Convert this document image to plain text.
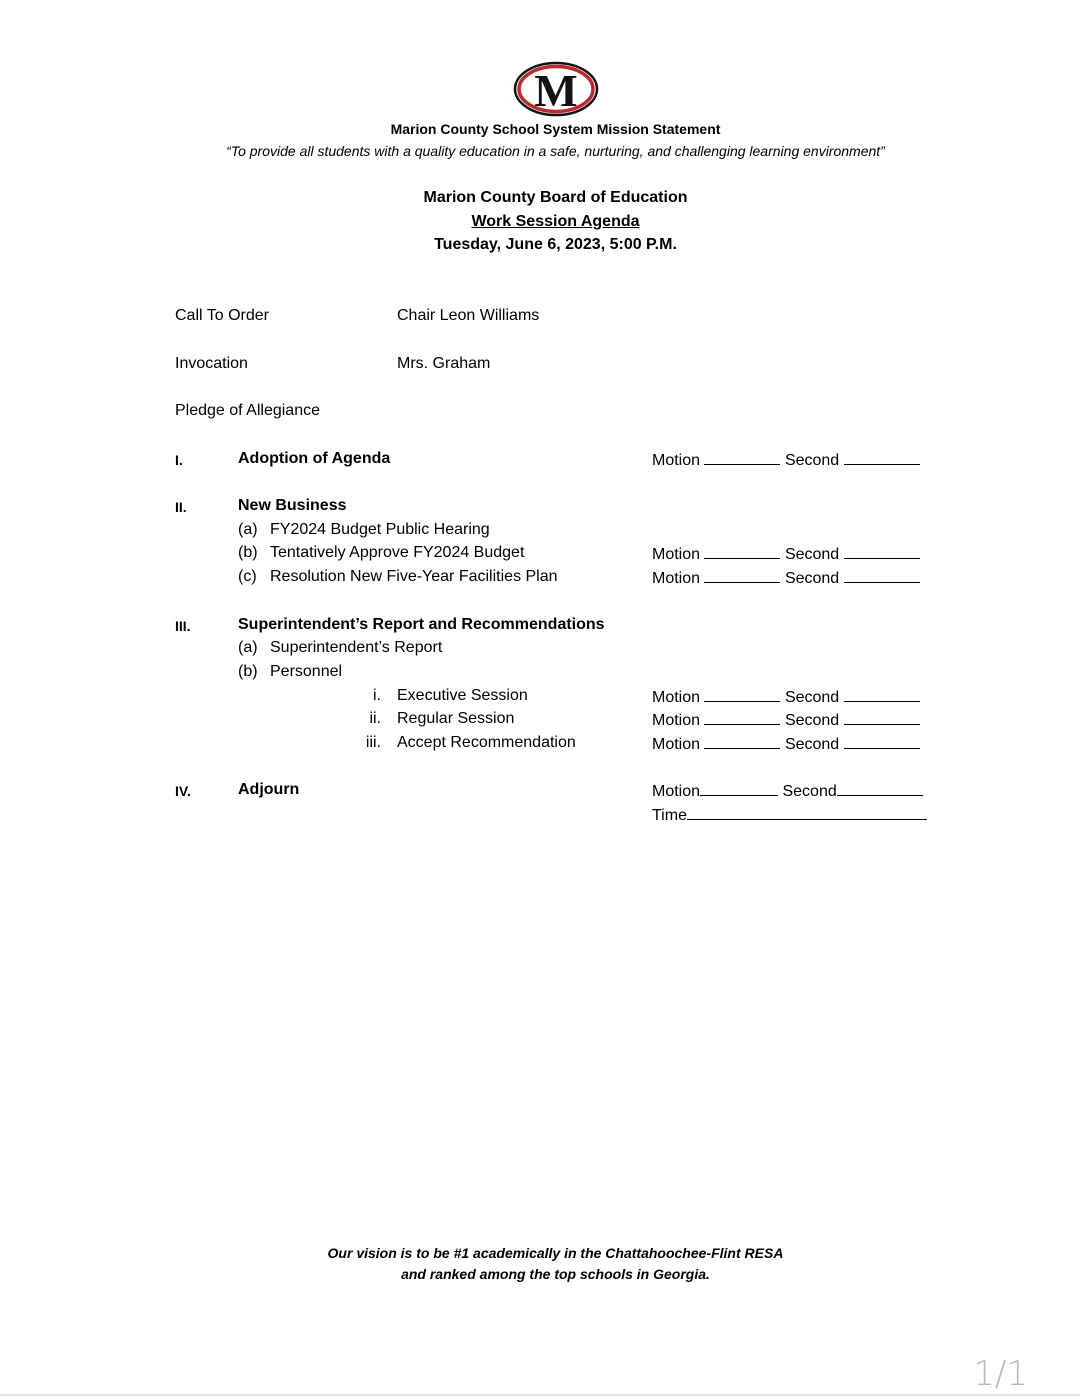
M
Marion County School System Mission Statement
“To provide all students with a quality education in a safe, nurturing, and challenging learning environment”
Marion County Board of Education
Work Session Agenda
Tuesday, June 6, 2023, 5:00 P.M.
Call To Order	Chair Leon Williams
Invocation	Mrs. Graham
Pledge of Allegiance
I.	Adoption of Agenda	Motion	Second
II.	New Business
(a) FY2024 Budget Public Hearing
(b) Tentatively Approve FY2024 Budget	Motion	Second
(c) Resolution New Five-Year Facilities Plan	Motion	Second
III.	Superintendent’s Report and Recommendations
(a) Superintendent’s Report
(b) Personnel
i. Executive Session	Motion	Second
ii. Regular Session	Motion	Second
iii. Accept Recommendation	Motion	Second
IV.	Adjourn	Motion	Second
Time
Our vision is to be #1 academically in the Chattahoochee-Flint RESA
and ranked among the top schools in Georgia.
1/1
